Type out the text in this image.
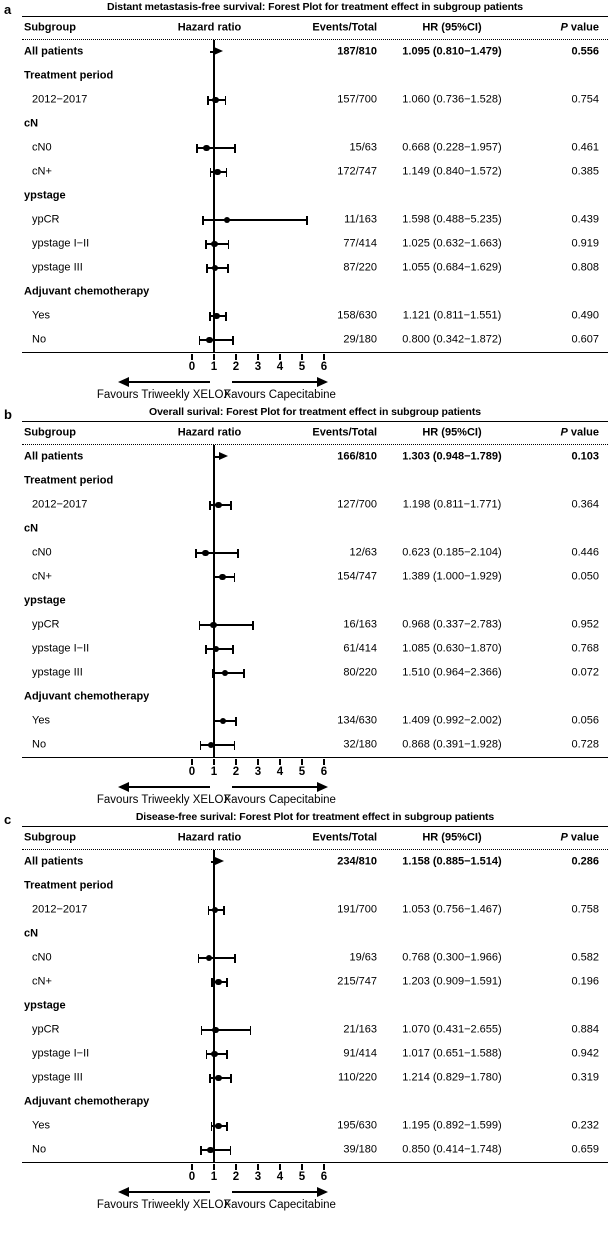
a	Distant metastasis-free survival: Forest Plot for treatment effect in subgroup patients
Subgroup	Hazard ratio	Events/Total	HR (95%CI)	P value
All patients	187/810	1.095 (0.810−1.479)	0.556
Treatment period
2012−2017	157/700	1.060 (0.736−1.528)	0.754
cN
cN0	15/63	0.668 (0.228−1.957)	0.461
cN+	172/747	1.149 (0.840−1.572)	0.385
ypstage
ypCR	11/163	1.598 (0.488−5.235)	0.439
ypstage I−II	77/414	1.025 (0.632−1.663)	0.919
ypstage III	87/220	1.055 (0.684−1.629)	0.808
Adjuvant chemotherapy
Yes	158/630	1.121 (0.811−1.551)	0.490
No	29/180	0.800 (0.342−1.872)	0.607
0 1 2 3 4 5 6
Favours Triweekly XELOX
Favours Capecitabine
b	Overall surival: Forest Plot for treatment effect in subgroup patients
Subgroup	Hazard ratio	Events/Total	HR (95%CI)	P value
All patients	166/810	1.303 (0.948−1.789)	0.103
Treatment period
2012−2017	127/700	1.198 (0.811−1.771)	0.364
cN
cN0	12/63	0.623 (0.185−2.104)	0.446
cN+	154/747	1.389 (1.000−1.929)	0.050
ypstage
ypCR	16/163	0.968 (0.337−2.783)	0.952
ypstage I−II	61/414	1.085 (0.630−1.870)	0.768
ypstage III	80/220	1.510 (0.964−2.366)	0.072
Adjuvant chemotherapy
Yes	134/630	1.409 (0.992−2.002)	0.056
No	32/180	0.868 (0.391−1.928)	0.728
0 1 2 3 4 5 6
Favours Triweekly XELOX
Favours Capecitabine
c	Disease-free surival: Forest Plot for treatment effect in subgroup patients
Subgroup	Hazard ratio	Events/Total	HR (95%CI)	P value
All patients	234/810	1.158 (0.885−1.514)	0.286
Treatment period
2012−2017	191/700	1.053 (0.756−1.467)	0.758
cN
cN0	19/63	0.768 (0.300−1.966)	0.582
cN+	215/747	1.203 (0.909−1.591)	0.196
ypstage
ypCR	21/163	1.070 (0.431−2.655)	0.884
ypstage I−II	91/414	1.017 (0.651−1.588)	0.942
ypstage III	110/220	1.214 (0.829−1.780)	0.319
Adjuvant chemotherapy
Yes	195/630	1.195 (0.892−1.599)	0.232
No	39/180	0.850 (0.414−1.748)	0.659
0 1 2 3 4 5 6
Favours Triweekly XELOX
Favours Capecitabine
